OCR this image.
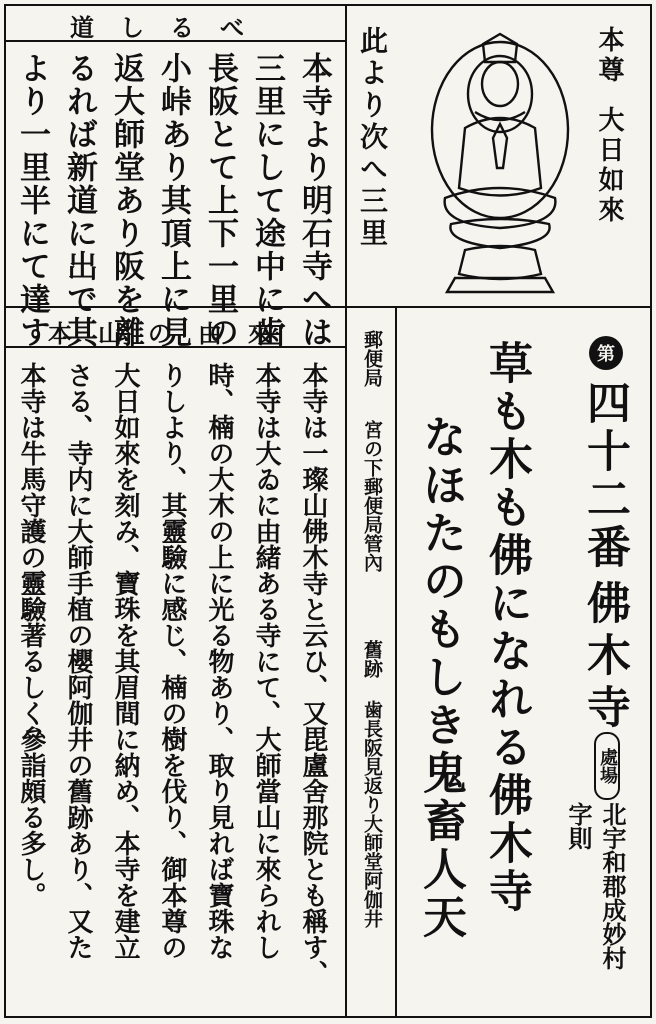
道しるべ
本寺より明石寺へは
三里にして途中に歯
長阪とて上下一里の
小峠あり其頂上に見
返大師堂あり阪を離
るれば新道に出で其
より一里半にて達す	此より次へ三里	本尊
大日如來
本山の由來
本寺は一璨山佛木寺と云ひ、又毘盧舍那院とも稱す、
本寺は大ゐに由緒ある寺にて、大師當山に來られし
時、楠の大木の上に光る物あり、取り見れば寶珠な
りしより、其靈驗に感じ、楠の樹を伐り、御本尊の
大日如來を刻み、寶珠を其眉間に納め、本寺を建立
さる、寺内に大師手植の櫻阿伽井の舊跡あり、又た
本寺は牛馬守護の靈驗著るしく參詣頗る多し。
郵便局
宮の下郵便局管內
舊跡
歯長阪見返り大師堂阿伽井
第
四十二番
佛木寺
處場
北宇和郡成妙村
字則
草も木も佛になれる佛木寺
なほたのもしき鬼畜人天
